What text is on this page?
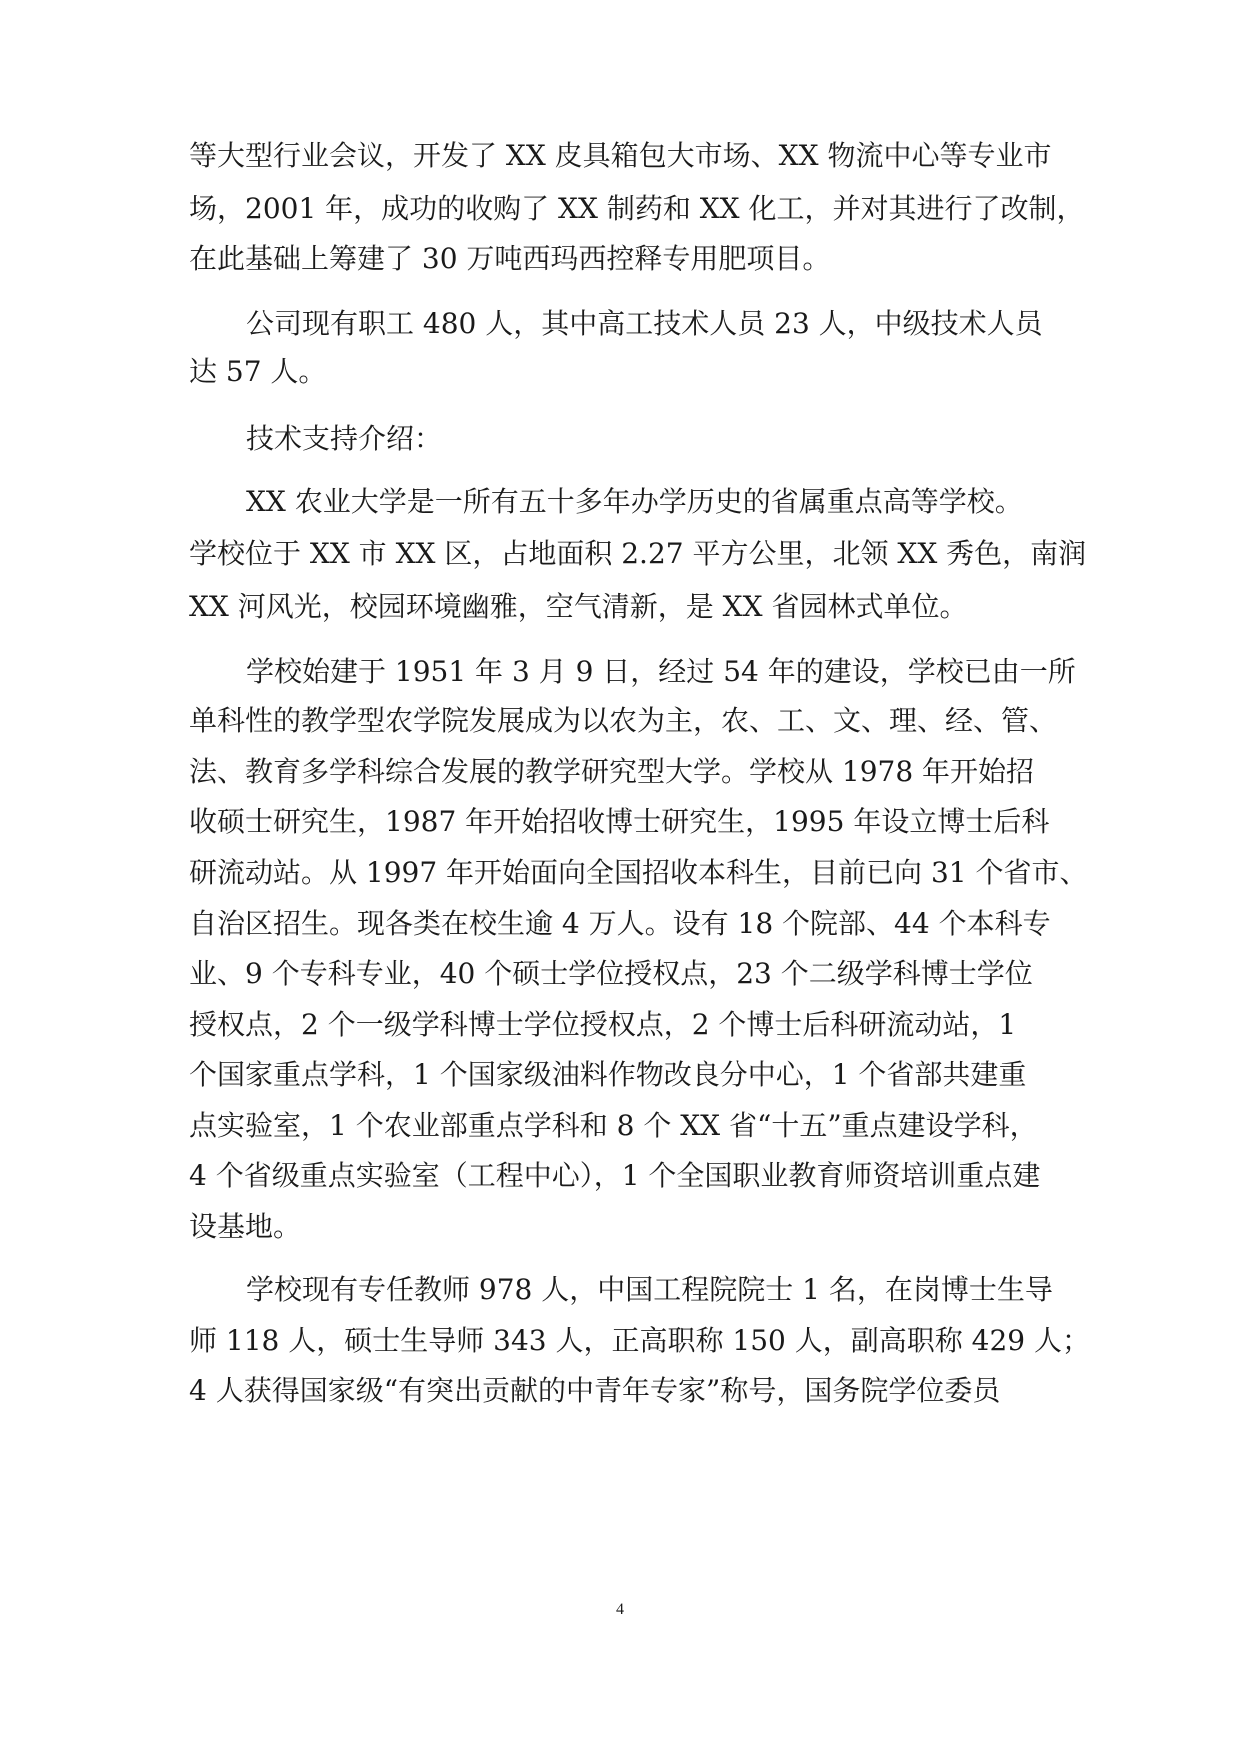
等大型行业会议，开发了 XX 皮具箱包大市场、XX 物流中心等专业市
场，2001 年，成功的收购了 XX 制药和 XX 化工，并对其进行了改制，
在此基础上筹建了 30 万吨西玛西控释专用肥项目。
公司现有职工 480 人，其中高工技术人员 23 人，中级技术人员
达 57 人。
技术支持介绍：
XX 农业大学是一所有五十多年办学历史的省属重点高等学校。
学校位于 XX 市 XX 区，占地面积 2.27 平方公里，北领 XX 秀色，南润
XX 河风光，校园环境幽雅，空气清新，是 XX 省园林式单位。
学校始建于 1951 年 3 月 9 日，经过 54 年的建设，学校已由一所
单科性的教学型农学院发展成为以农为主，农、工、文、理、经、管、
法、教育多学科综合发展的教学研究型大学。学校从 1978 年开始招
收硕士研究生，1987 年开始招收博士研究生，1995 年设立博士后科
研流动站。从 1997 年开始面向全国招收本科生，目前已向 31 个省市、
自治区招生。现各类在校生逾 4 万人。设有 18 个院部、44 个本科专
业、9 个专科专业，40 个硕士学位授权点，23 个二级学科博士学位
授权点，2 个一级学科博士学位授权点，2 个博士后科研流动站，1
个国家重点学科，1 个国家级油料作物改良分中心，1 个省部共建重
点实验室，1 个农业部重点学科和 8 个 XX 省“十五”重点建设学科，
4 个省级重点实验室（工程中心），1 个全国职业教育师资培训重点建
设基地。
学校现有专任教师 978 人，中国工程院院士 1 名，在岗博士生导
师 118 人，硕士生导师 343 人，正高职称 150 人，副高职称 429 人；
4 人获得国家级“有突出贡献的中青年专家”称号，国务院学位委员
4
